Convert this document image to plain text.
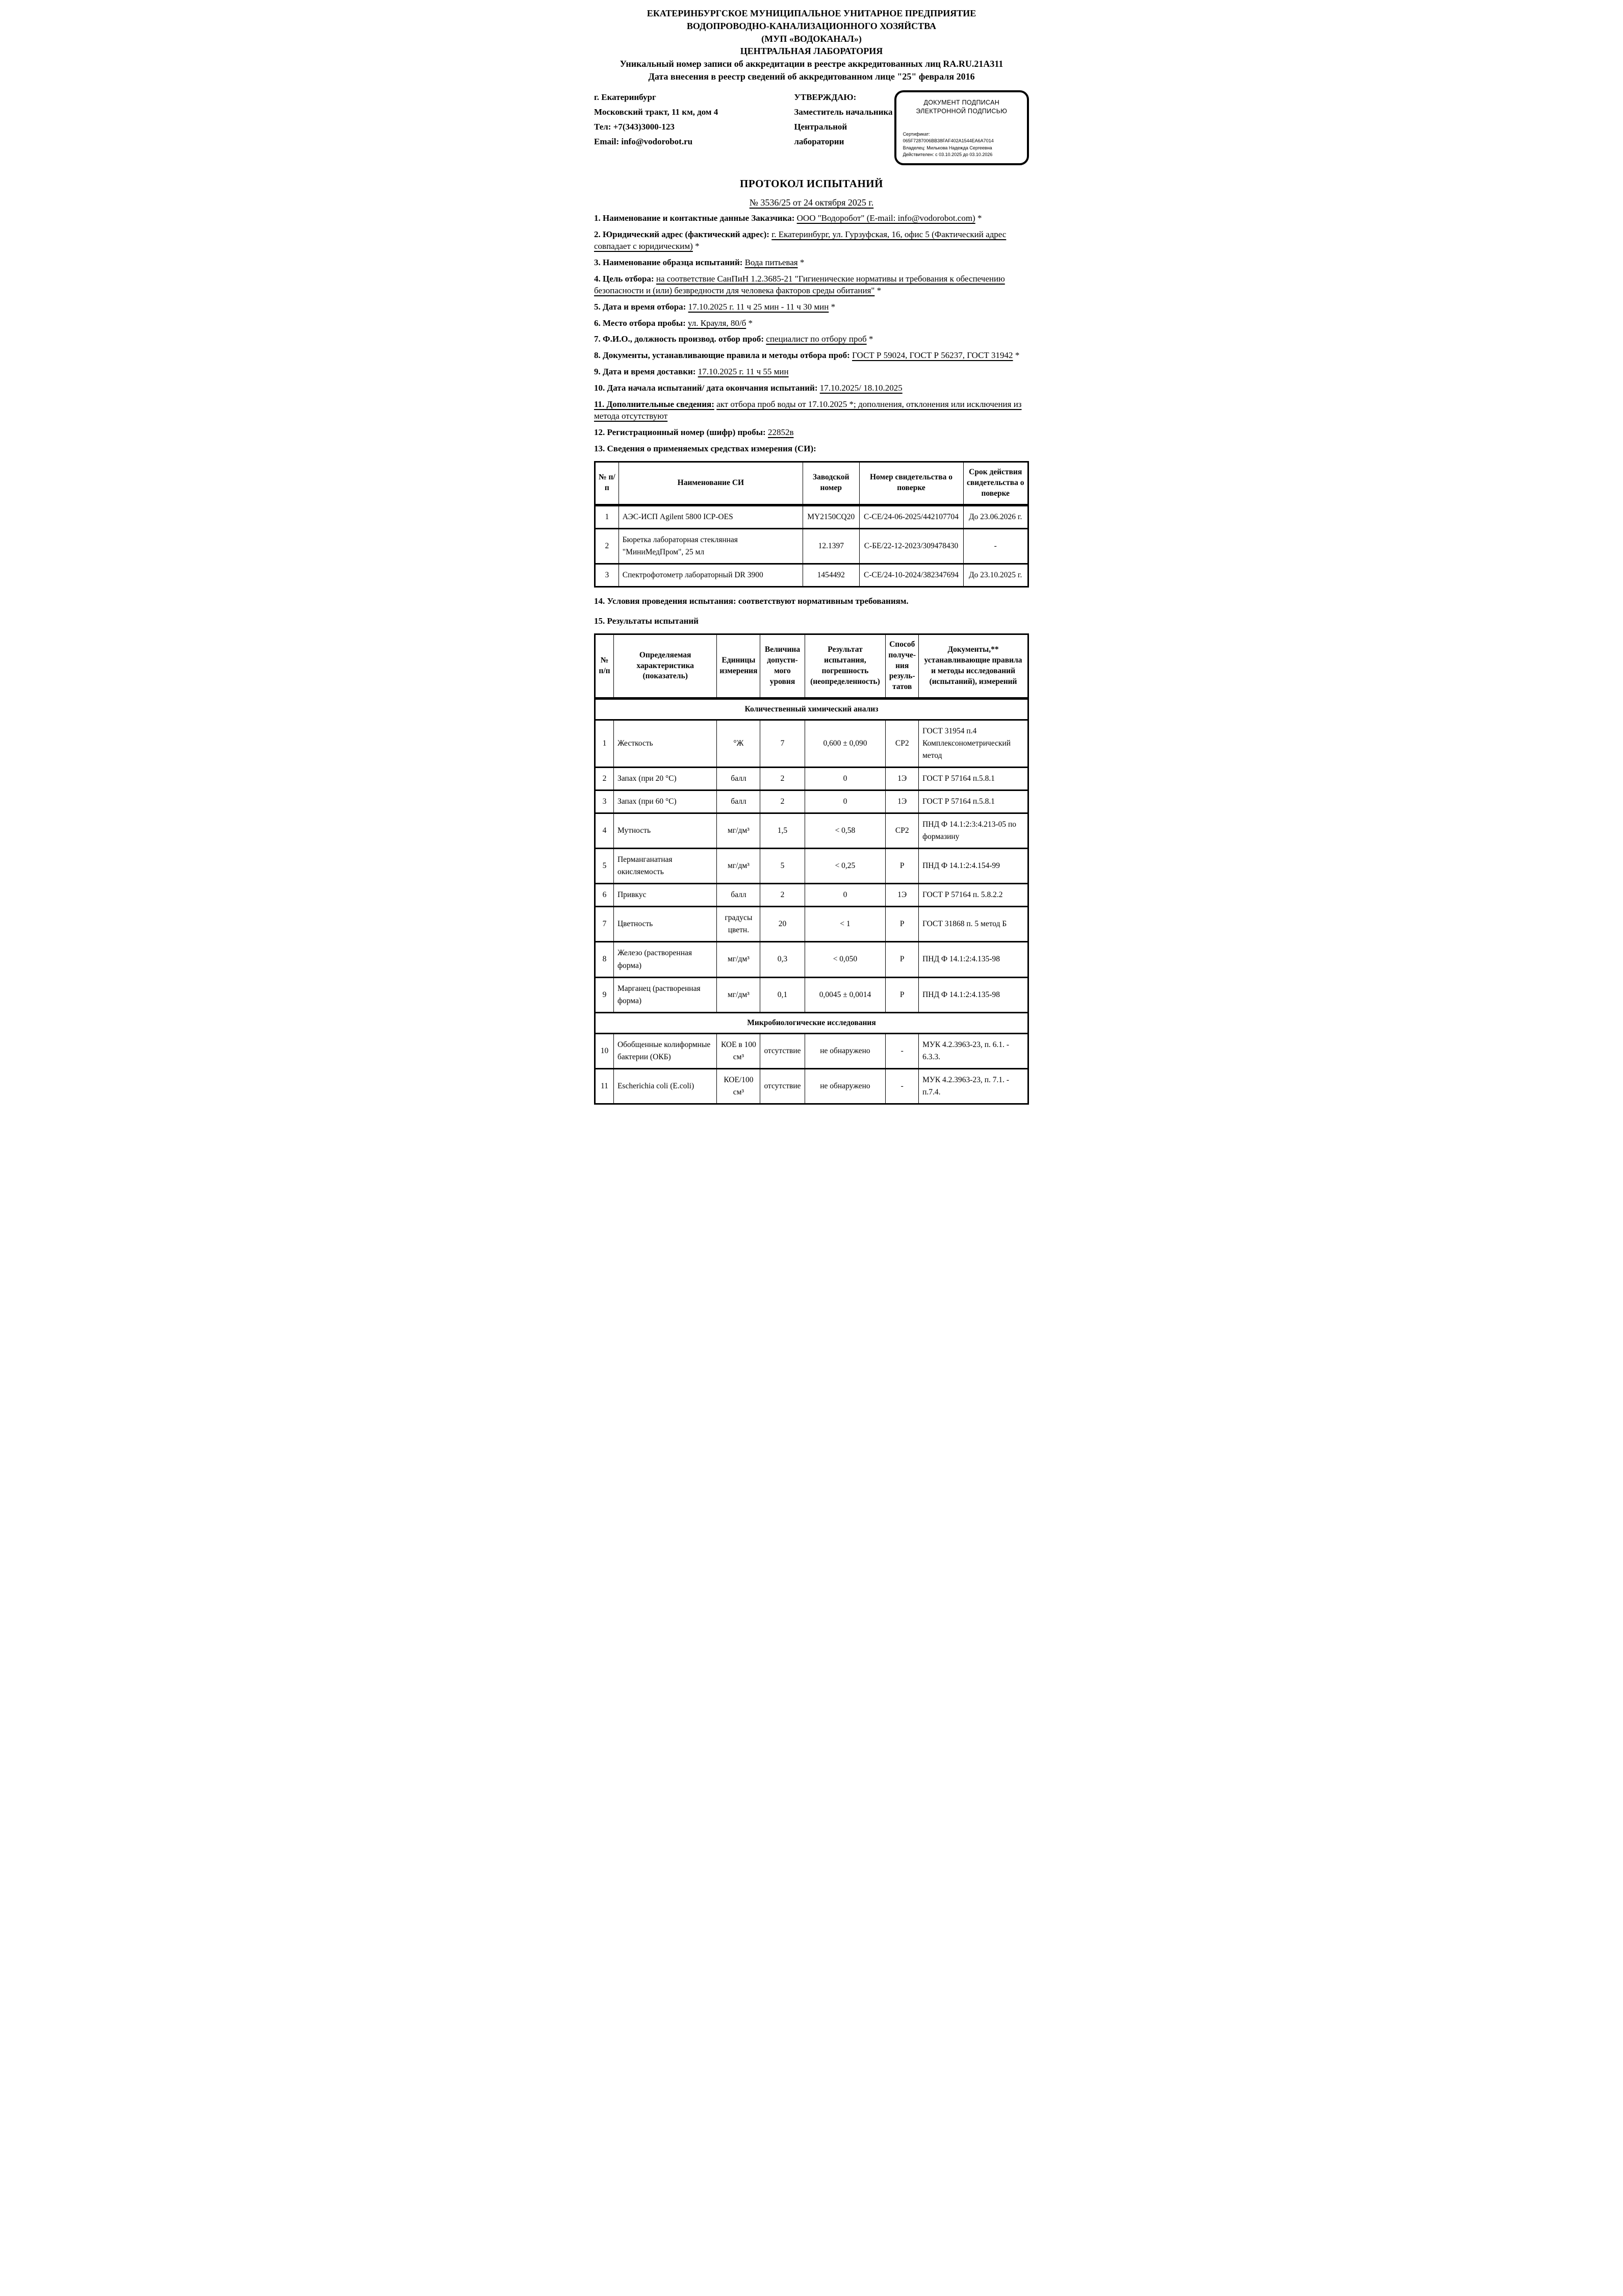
ЕКАТЕРИНБУРГСКОЕ МУНИЦИПАЛЬНОЕ УНИТАРНОЕ ПРЕДПРИЯТИЕ
ВОДОПРОВОДНО-КАНАЛИЗАЦИОННОГО ХОЗЯЙСТВА
(МУП «ВОДОКАНАЛ»)
ЦЕНТРАЛЬНАЯ ЛАБОРАТОРИЯ
Уникальный номер записи об аккредитации в реестре аккредитованных лиц RA.RU.21А311
Дата внесения в реестр сведений об аккредитованном лице "25" февраля 2016
г. Екатеринбург
Московский тракт, 11 км, дом 4
Тел: +7(343)3000-123
Email: info@vodorobot.ru
УТВЕРЖДАЮ:
Заместитель начальника
Центральной лаборатории
ДОКУМЕНТ ПОДПИСАН
ЭЛЕКТРОННОЙ ПОДПИСЬЮ
Сертификат: 065F7287006BB38FAF402A1544EA6A7014
Владелец: Милькова Надежда Сергеевна
Действителен: с 03.10.2025 до 03.10.2026
ПРОТОКОЛ ИСПЫТАНИЙ
№ 3536/25 от 24 октября 2025 г.

1. Наименование и контактные данные Заказчика: ООО "Водоробот" (E-mail: info@vodorobot.com) *

2. Юридический адрес (фактический адрес): г. Екатеринбург, ул. Гурзуфская, 16, офис 5 (Фактический адрес совпадает с юридическим) *

3. Наименование образца испытаний: Вода питьевая *

4. Цель отбора: на соответствие СанПиН 1.2.3685-21 "Гигиенические нормативы и требования к обеспечению безопасности и (или) безвредности для человека факторов среды обитания" *

5. Дата и время отбора: 17.10.2025 г. 11 ч 25 мин - 11 ч 30 мин *

6. Место отбора пробы: ул. Крауля, 80/б *

7. Ф.И.О., должность производ. отбор проб: специалист по отбору проб *

8. Документы, устанавливающие правила и методы отбора проб: ГОСТ Р 59024, ГОСТ Р 56237, ГОСТ 31942 *

9. Дата и время доставки: 17.10.2025 г. 11 ч 55 мин

10. Дата начала испытаний/ дата окончания испытаний: 17.10.2025/ 18.10.2025

11. Дополнительные сведения: акт отбора проб воды от 17.10.2025 *; дополнения, отклонения или исключения из метода отсутствуют

12. Регистрационный номер (шифр) пробы: 22852в

13. Сведения о применяемых средствах измерения (СИ):

№ п/п	Наименование СИ	Заводской номер	Номер свидетельства о поверке	Срок действия свидетельства о поверке
1	АЭС-ИСП Agilent 5800 ICP-OES	MY2150CQ20	С-СЕ/24-06-2025/442107704	До 23.06.2026 г.
2	Бюретка лабораторная стеклянная "МиниМедПром", 25 мл	12.1397	С-БЕ/22-12-2023/309478430	-
3	Спектрофотометр лабораторный DR 3900	1454492	С-СЕ/24-10-2024/382347694	До 23.10.2025 г.

14. Условия проведения испытания: соответствуют нормативным требованиям.

15. Результаты испытаний

№ п/п	Определяемая характеристика (показатель)	Единицы измерения	Величина допусти- мого уровня	Результат испытания, погрешность (неопределенность)	Способ получе- ния резуль- татов	Документы,** устанавливающие правила и методы исследований (испытаний), измерений
Количественный химический анализ						
1	Жесткость	°Ж	7	0,600 ± 0,090	СР2	ГОСТ 31954 п.4 Комплексонометрический метод
2	Запах (при 20 °С)	балл	2	0	1Э	ГОСТ Р 57164 п.5.8.1
3	Запах (при 60 °С)	балл	2	0	1Э	ГОСТ Р 57164 п.5.8.1
4	Мутность	мг/дм³	1,5	< 0,58	СР2	ПНД Ф 14.1:2:3:4.213-05 по формазину
5	Перманганатная окисляемость	мг/дм³	5	< 0,25	Р	ПНД Ф 14.1:2:4.154-99
6	Привкус	балл	2	0	1Э	ГОСТ Р 57164 п. 5.8.2.2
7	Цветность	градусы цветн.	20	< 1	Р	ГОСТ 31868 п. 5 метод Б
8	Железо (растворенная форма)	мг/дм³	0,3	< 0,050	Р	ПНД Ф 14.1:2:4.135-98
9	Марганец (растворенная форма)	мг/дм³	0,1	0,0045 ± 0,0014	Р	ПНД Ф 14.1:2:4.135-98
Микробиологические исследования						
10	Обобщенные колиформные бактерии (ОКБ)	КОЕ в 100 см³	отсутствие	не обнаружено	-	МУК 4.2.3963-23, п. 6.1. - 6.3.3.
11	Escherichia coli (E.coli)	КОЕ/100 см³	отсутствие	не обнаружено	-	МУК 4.2.3963-23, п. 7.1. - п.7.4.
